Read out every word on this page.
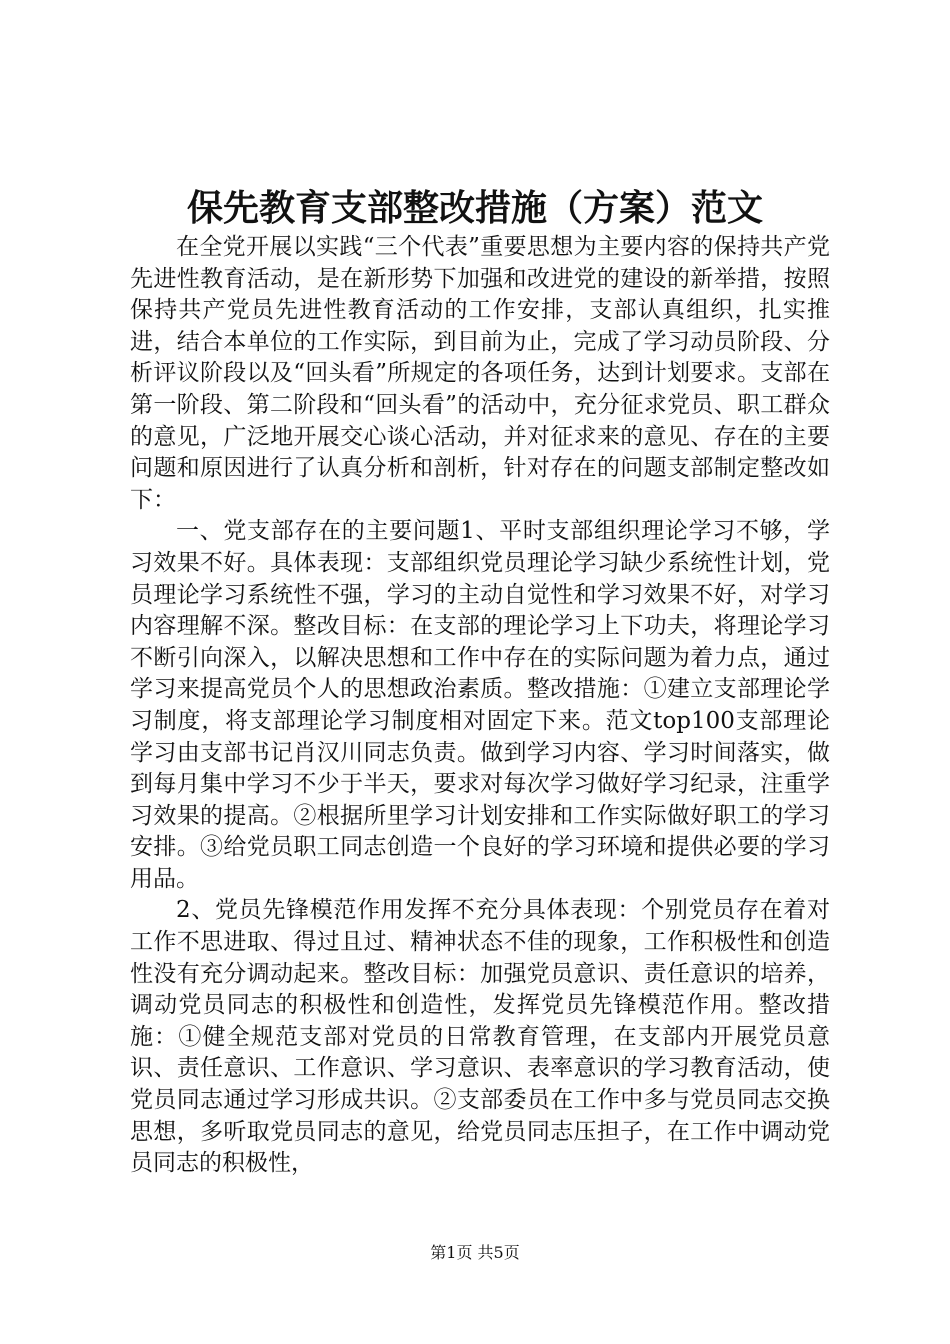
保先教育支部整改措施（方案）范文

在全党开展以实践“三个代表”重要思想为主要内容的保持共产党先进性教育活动，是在新形势下加强和改进党的建设的新举措，按照保持共产党员先进性教育活动的工作安排，支部认真组织，扎实推进，结合本单位的工作实际，到目前为止，完成了学习动员阶段、分析评议阶段以及“回头看”所规定的各项任务，达到计划要求。支部在第一阶段、第二阶段和“回头看”的活动中，充分征求党员、职工群众的意见，广泛地开展交心谈心活动，并对征求来的意见、存在的主要问题和原因进行了认真分析和剖析，针对存在的问题支部制定整改如下：

一、党支部存在的主要问题1、平时支部组织理论学习不够，学习效果不好。具体表现：支部组织党员理论学习缺少系统性计划，党员理论学习系统性不强，学习的主动自觉性和学习效果不好，对学习内容理解不深。整改目标：在支部的理论学习上下功夫，将理论学习不断引向深入，以解决思想和工作中存在的实际问题为着力点，通过学习来提高党员个人的思想政治素质。整改措施：①建立支部理论学习制度，将支部理论学习制度相对固定下来。范文top100支部理论学习由支部书记肖汉川同志负责。做到学习内容、学习时间落实，做到每月集中学习不少于半天，要求对每次学习做好学习纪录，注重学习效果的提高。②根据所里学习计划安排和工作实际做好职工的学习安排。③给党员职工同志创造一个良好的学习环境和提供必要的学习用品。

2、党员先锋模范作用发挥不充分具体表现：个别党员存在着对工作不思进取、得过且过、精神状态不佳的现象，工作积极性和创造性没有充分调动起来。整改目标：加强党员意识、责任意识的培养，调动党员同志的积极性和创造性，发挥党员先锋模范作用。整改措施：①健全规范支部对党员的日常教育管理，在支部内开展党员意识、责任意识、工作意识、学习意识、表率意识的学习教育活动，使党员同志通过学习形成共识。②支部委员在工作中多与党员同志交换思想，多听取党员同志的意见，给党员同志压担子，在工作中调动党员同志的积极性，

第1页 共5页
